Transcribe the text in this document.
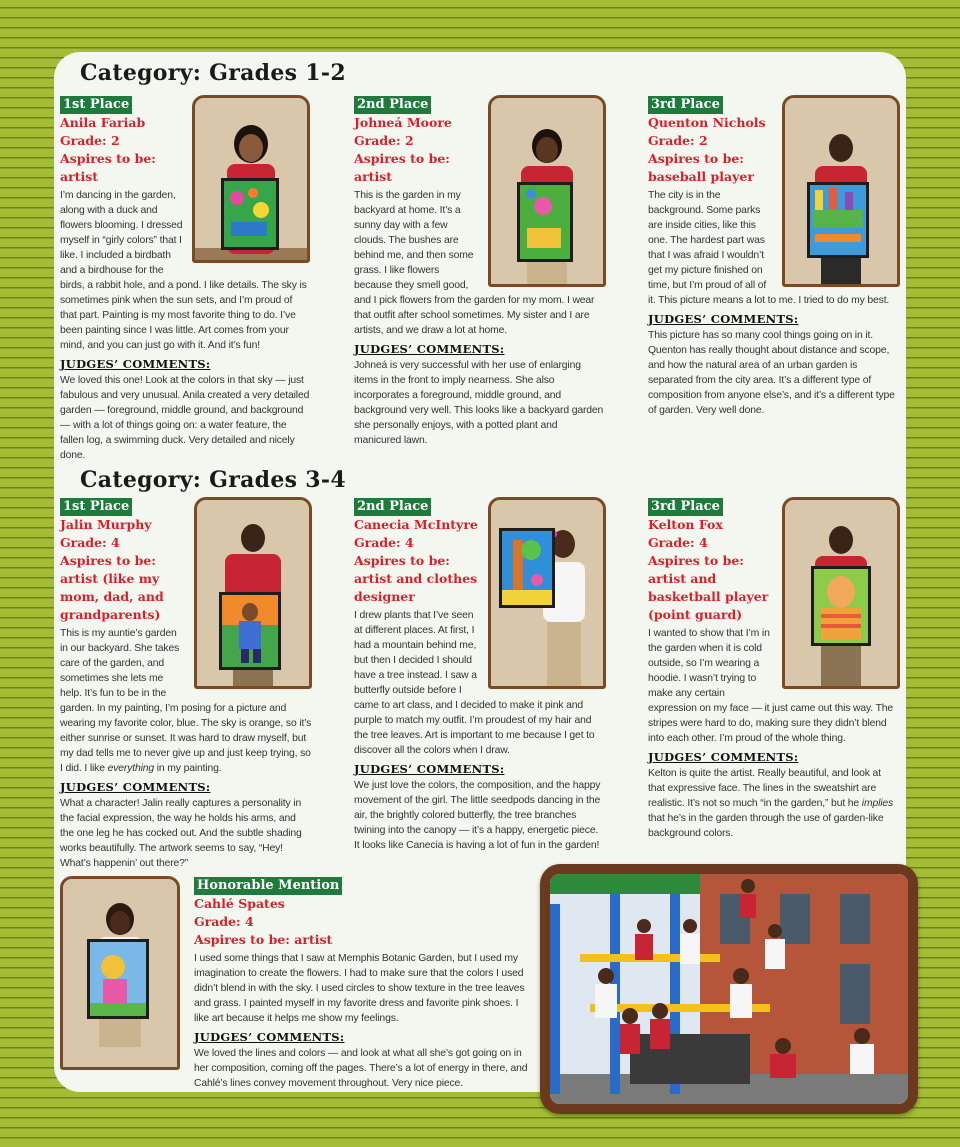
Category: Grades 1-2
1st Place

Anila Fariab

Grade: 2

Aspires to be: artist

I’m dancing in the garden, along with a duck and flowers blooming. I dressed myself in “girly colors” that I like. I included a birdbath and a birdhouse for the birds, a rabbit hole, and a pond. I like details. The sky is sometimes pink when the sun sets, and I’m proud of that part. Painting is my most favorite thing to do. I’ve been painting since I was little. Art comes from your mind, and you can just go with it. And it’s fun!

JUDGES’ COMMENTS:

We loved this one! Look at the colors in that sky — just fabulous and very unusual. Anila created a very detailed garden — foreground, middle ground, and background — with a lot of things going on: a water feature, the fallen log, a swimming duck. Very detailed and nicely done.

2nd Place

Johneá Moore

Grade: 2

Aspires to be: artist

This is the garden in my backyard at home. It’s a sunny day with a few clouds. The bushes are behind me, and then some grass. I like flowers because they smell good, and I pick flowers from the garden for my mom. I wear that outfit after school sometimes. My sister and I are artists, and we draw a lot at home.

JUDGES’ COMMENTS:

Johneá is very successful with her use of enlarging items in the front to imply nearness. She also incorporates a foreground, middle ground, and background very well. This looks like a backyard garden she personally enjoys, with a potted plant and manicured lawn.

3rd Place

Quenton Nichols

Grade: 2

Aspires to be: baseball player

The city is in the background. Some parks are inside cities, like this one. The hardest part was that I was afraid I wouldn’t get my picture finished on time, but I’m proud of all of it. This picture means a lot to me. I tried to do my best.

JUDGES’ COMMENTS:

This picture has so many cool things going on in it. Quenton has really thought about distance and scope, and how the natural area of an urban garden is separated from the city area. It’s a different type of composition from anyone else’s, and it’s a different type of garden. Very well done.

Category: Grades 3-4
1st Place

Jalin Murphy

Grade: 4

Aspires to be: artist (like my mom, dad, and grandparents)

This is my auntie’s garden in our backyard. She takes care of the garden, and sometimes she lets me help. It’s fun to be in the garden. In my painting, I’m posing for a picture and wearing my favorite color, blue. The sky is orange, so it’s either sunrise or sunset. It was hard to draw myself, but my dad tells me to never give up and just keep trying, so I did. I like everything in my painting.

JUDGES’ COMMENTS:

What a character! Jalin really captures a personality in the facial expression, the way he holds his arms, and the one leg he has cocked out. And the subtle shading works beautifully. The artwork seems to say, “Hey! What’s happenin’ out there?”

2nd Place

Canecia McIntyre

Grade: 4

Aspires to be: artist and clothes designer

I drew plants that I’ve seen at different places. At first, I had a mountain behind me, but then I decided I should have a tree instead. I saw a butterfly outside before I came to art class, and I decided to make it pink and purple to match my outfit. I’m proudest of my hair and the tree leaves. Art is important to me because I get to discover all the colors when I draw.

JUDGES’ COMMENTS:

We just love the colors, the composition, and the happy movement of the girl. The little seedpods dancing in the air, the brightly colored butterfly, the tree branches twining into the canopy — it’s a happy, energetic piece. It looks like Canecia is having a lot of fun in the garden!

3rd Place

Kelton Fox

Grade: 4

Aspires to be: artist and basketball player (point guard)

I wanted to show that I’m in the garden when it is cold outside, so I’m wearing a hoodie. I wasn’t trying to make any certain expression on my face — it just came out this way. The stripes were hard to do, making sure they didn’t blend into each other. I’m proud of the whole thing.

JUDGES’ COMMENTS:

Kelton is quite the artist. Really beautiful, and look at that expressive face. The lines in the sweatshirt are realistic. It’s not so much “in the garden,” but he implies that he’s in the garden through the use of garden-like background colors.

Honorable Mention

Cahlé Spates

Grade: 4

Aspires to be: artist

I used some things that I saw at Memphis Botanic Garden, but I used my imagination to create the flowers. I had to make sure that the colors I used didn’t blend in with the sky. I used circles to show texture in the tree leaves and grass. I painted myself in my favorite dress and favorite pink shoes. I like art because it helps me show my feelings.

JUDGES’ COMMENTS:

We loved the lines and colors — and look at what all she’s got going on in her composition, coming off the pages. There’s a lot of energy in there, and Cahlé’s lines convey movement throughout. Very nice piece.
